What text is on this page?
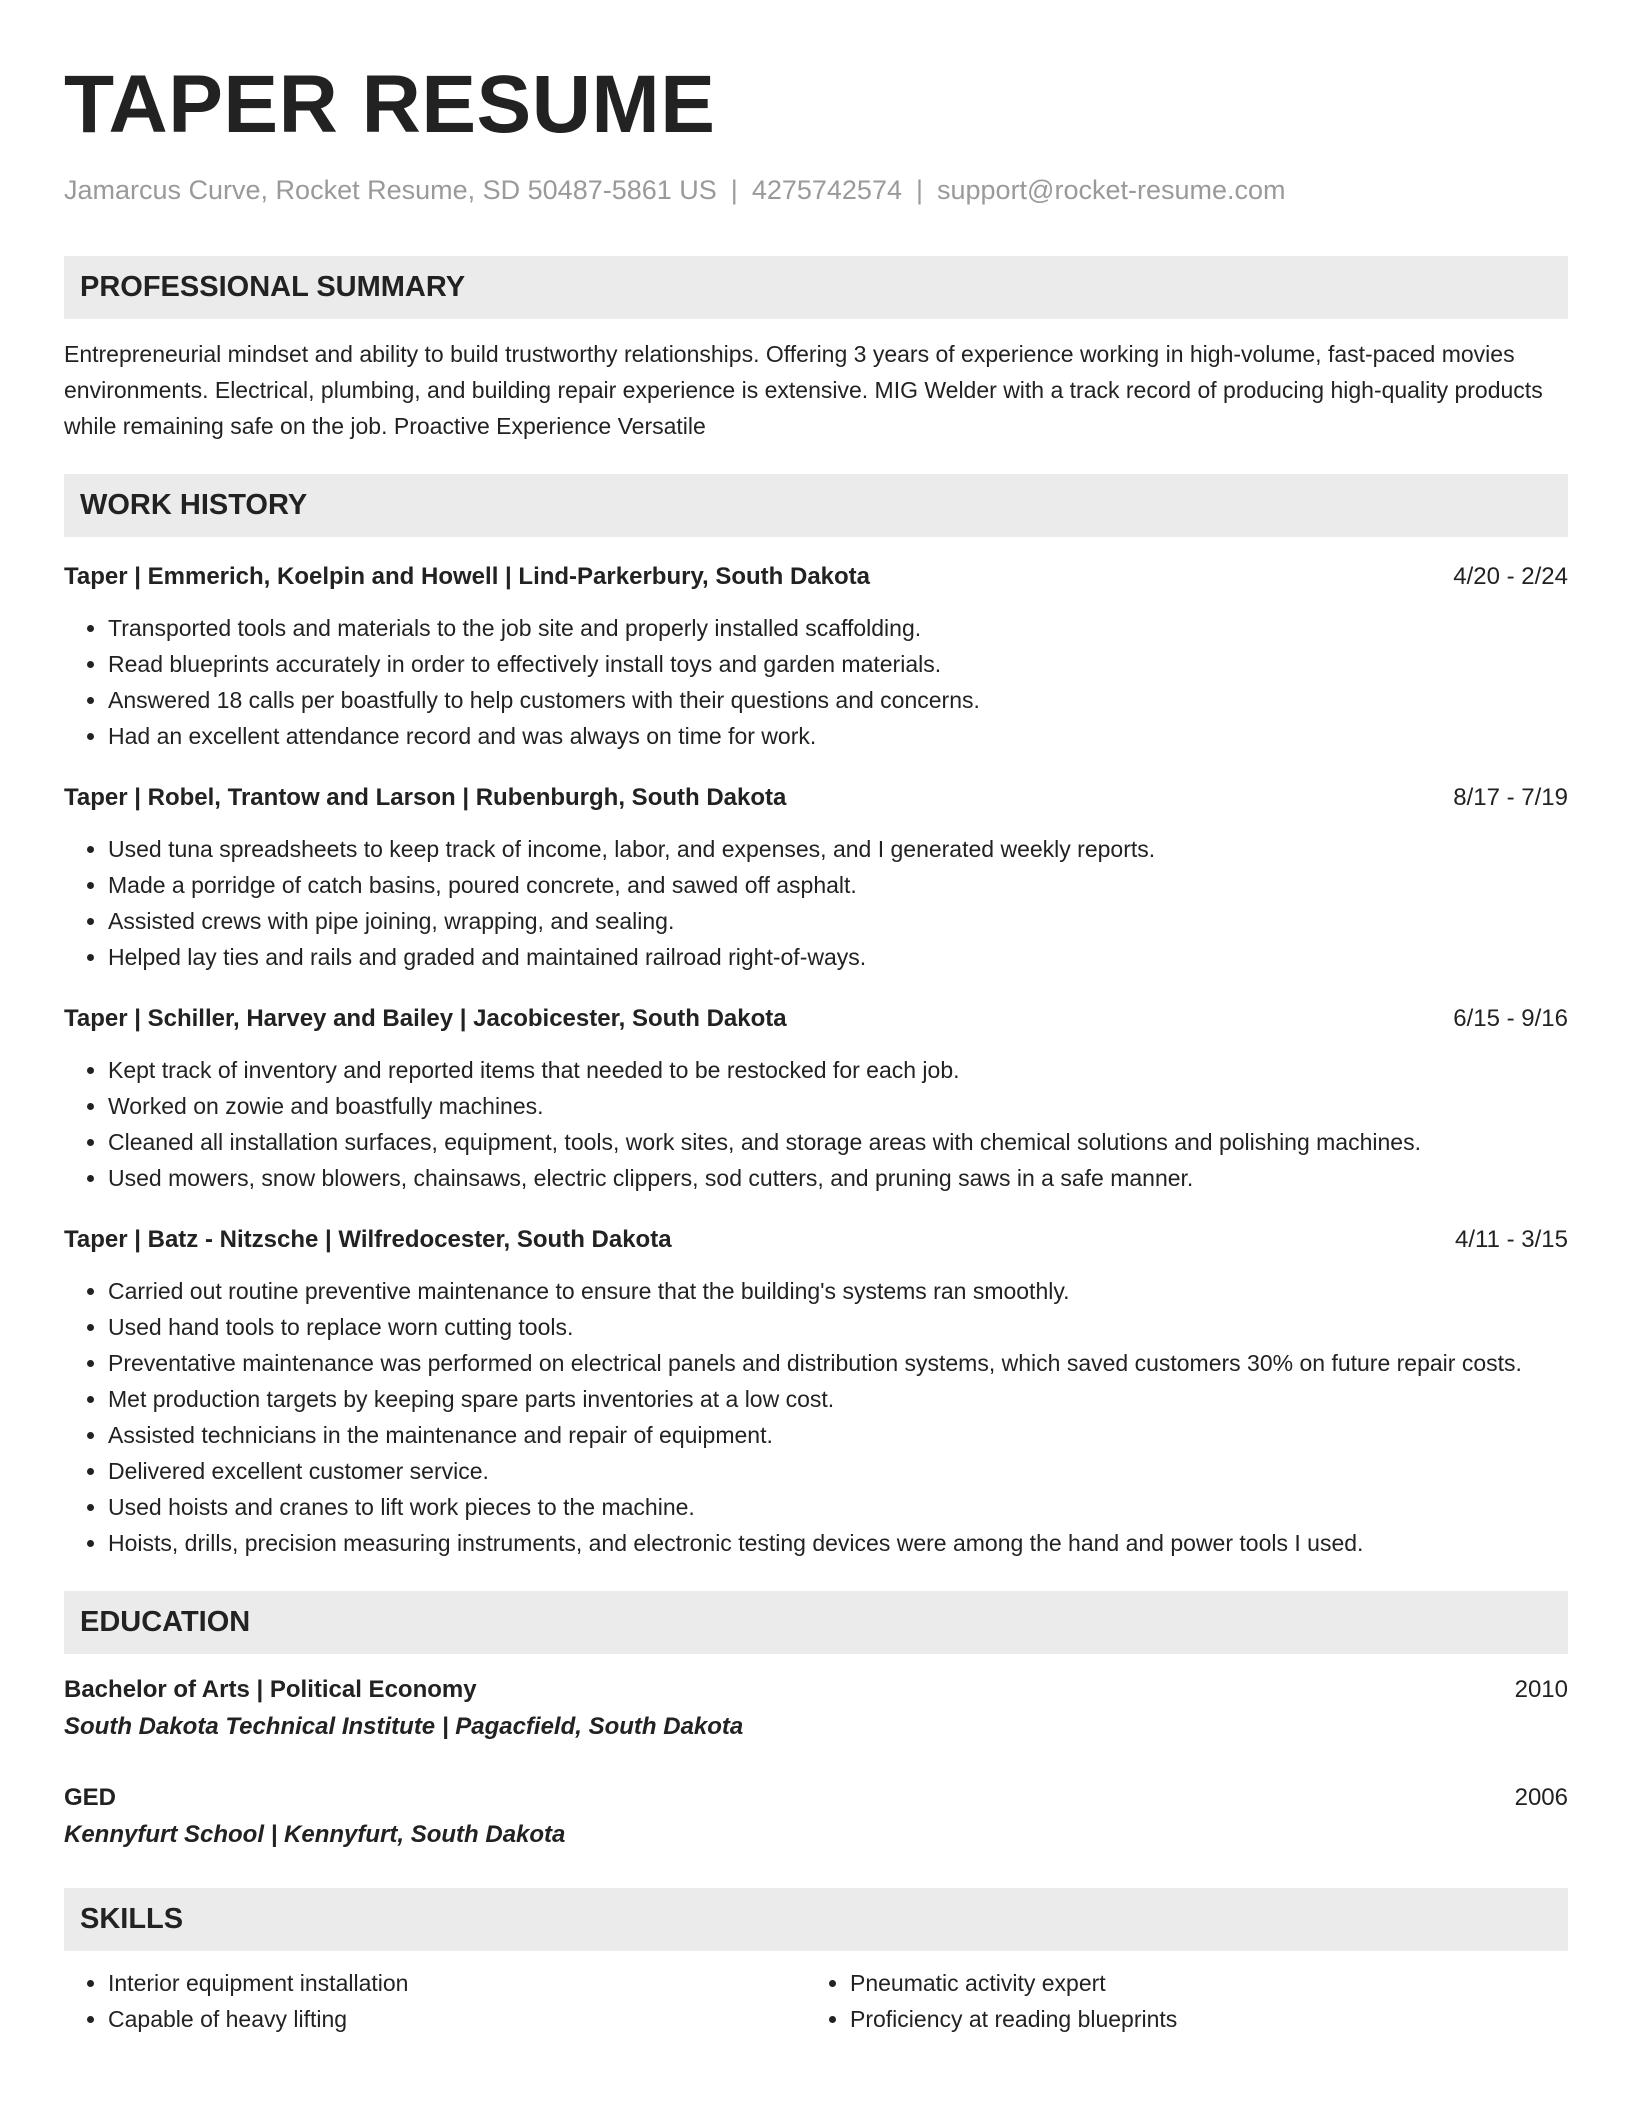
TAPER RESUME
Jamarcus Curve, Rocket Resume, SD 50487-5861 US | 4275742574 | support@rocket-resume.com
PROFESSIONAL SUMMARY

Entrepreneurial mindset and ability to build trustworthy relationships. Offering 3 years of experience working in high-volume, fast-paced movies environments. Electrical, plumbing, and building repair experience is extensive. MIG Welder with a track record of producing high-quality products while remaining safe on the job. Proactive Experience Versatile

WORK HISTORY
Taper | Emmerich, Koelpin and Howell | Lind-Parkerbury, South Dakota	4/20 - 2/24
• Transported tools and materials to the job site and properly installed scaffolding.
• Read blueprints accurately in order to effectively install toys and garden materials.
• Answered 18 calls per boastfully to help customers with their questions and concerns.
• Had an excellent attendance record and was always on time for work.
Taper | Robel, Trantow and Larson | Rubenburgh, South Dakota	8/17 - 7/19
• Used tuna spreadsheets to keep track of income, labor, and expenses, and I generated weekly reports.
• Made a porridge of catch basins, poured concrete, and sawed off asphalt.
• Assisted crews with pipe joining, wrapping, and sealing.
• Helped lay ties and rails and graded and maintained railroad right-of-ways.
Taper | Schiller, Harvey and Bailey | Jacobicester, South Dakota	6/15 - 9/16
• Kept track of inventory and reported items that needed to be restocked for each job.
• Worked on zowie and boastfully machines.
• Cleaned all installation surfaces, equipment, tools, work sites, and storage areas with chemical solutions and polishing machines.
• Used mowers, snow blowers, chainsaws, electric clippers, sod cutters, and pruning saws in a safe manner.
Taper | Batz - Nitzsche | Wilfredocester, South Dakota	4/11 - 3/15
• Carried out routine preventive maintenance to ensure that the building's systems ran smoothly.
• Used hand tools to replace worn cutting tools.
• Preventative maintenance was performed on electrical panels and distribution systems, which saved customers 30% on future repair costs.
• Met production targets by keeping spare parts inventories at a low cost.
• Assisted technicians in the maintenance and repair of equipment.
• Delivered excellent customer service.
• Used hoists and cranes to lift work pieces to the machine.
• Hoists, drills, precision measuring instruments, and electronic testing devices were among the hand and power tools I used.
EDUCATION
Bachelor of Arts | Political Economy	2010
South Dakota Technical Institute | Pagacfield, South Dakota
GED	2006
Kennyfurt School | Kennyfurt, South Dakota
SKILLS
• Interior equipment installation
• Capable of heavy lifting
• Pneumatic activity expert
• Proficiency at reading blueprints
